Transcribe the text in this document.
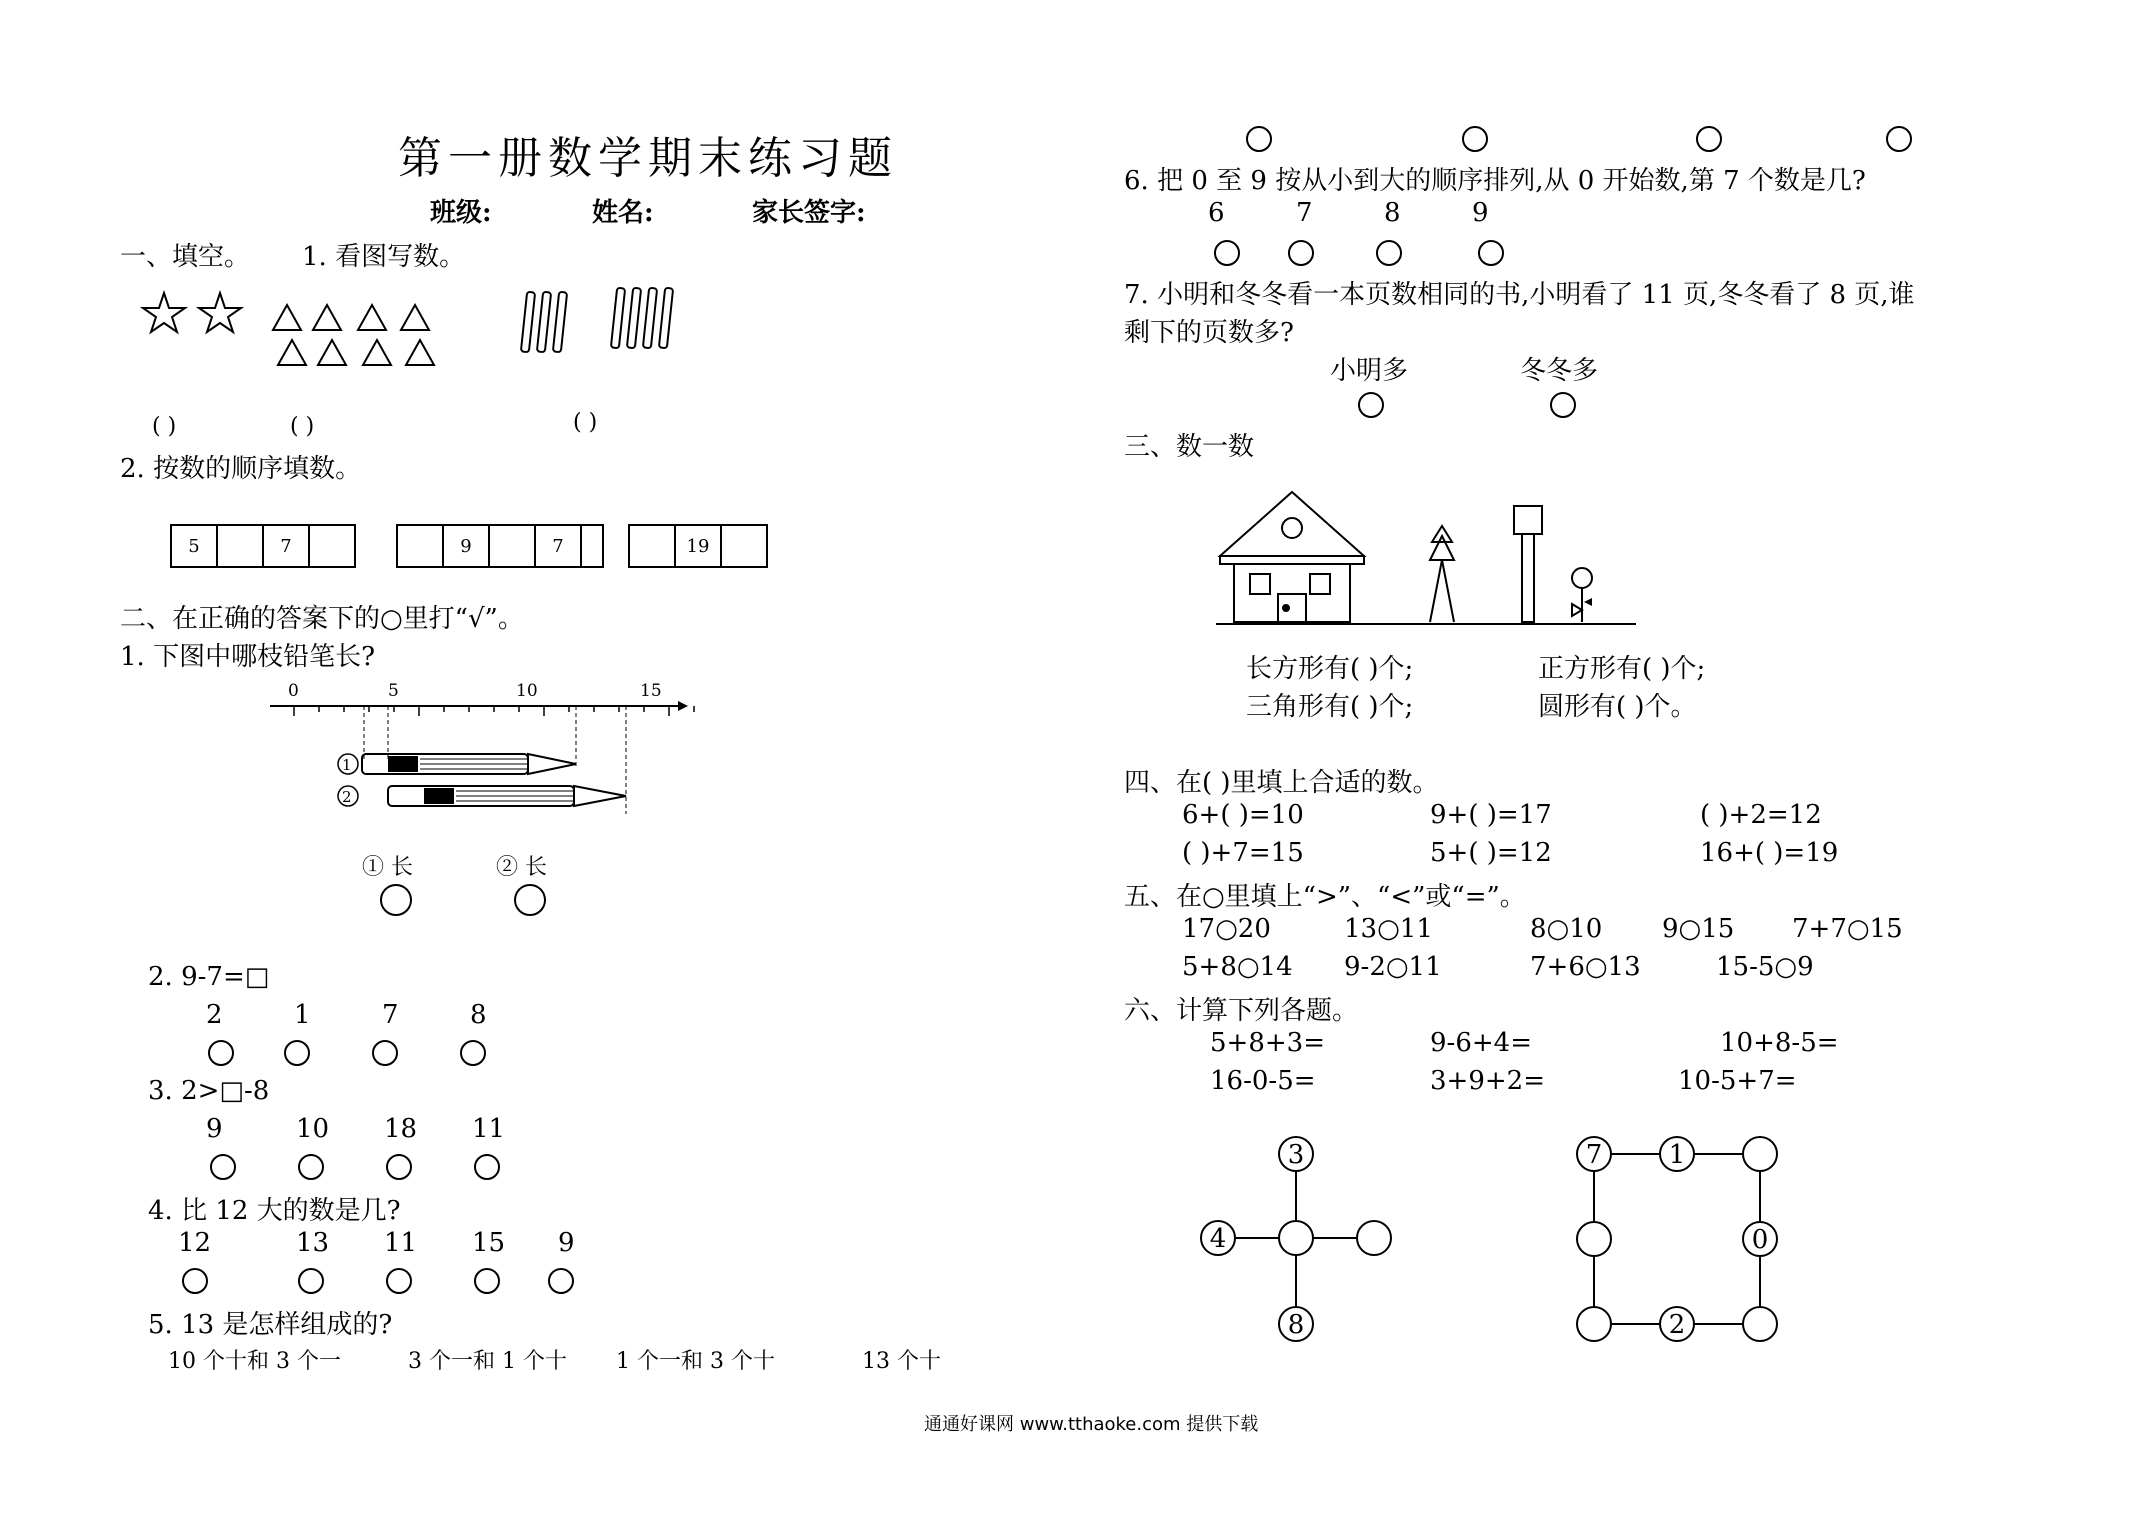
第一册数学期末练习题
班级:	姓名:	家长签字:
一、填空。 1. 看图写数。
( )	( )	( )
2. 按数的顺序填数。
5	7	9	7	19
二、在正确的答案下的○里打“√”。
1. 下图中哪枝铅笔长?
0	5	10	15
1
2
① 长	② 长
2. 9-7=□
2	1	7	8
3. 2>□-8
9	10 18 11
4. 比 12 大的数是几?
12	13 11 15 9
5. 13 是怎样组成的?
10 个十和 3 个一	3 个一和 1 个十 1 个一和 3 个十	13 个十
6. 把 0 至 9 按从小到大的顺序排列,从 0 开始数,第 7 个数是几?
6	7	8	9
7. 小明和冬冬看一本页数相同的书,小明看了 11 页,冬冬看了 8 页,谁
剩下的页数多?
小明多	冬冬多
三、数一数
长方形有( )个;	正方形有( )个;
三角形有( )个;	圆形有( )个。
四、在( )里填上合适的数。
6+( )=10	9+( )=17	( )+2=12
( )+7=15	5+( )=12	16+( )=19
五、在○里填上“>”、“<”或“=”。
17○20	13○11	8○10 9○15 7+7○15
5+8○14 9-2○11	7+6○13	15-5○9
六、计算下列各题。
5+8+3=	9-6+4=	10+8-5=
16-0-5=	3+9+2=	10-5+7=
3
4
8
7	1
0
2
通通好课网 www.tthaoke.com 提供下载
